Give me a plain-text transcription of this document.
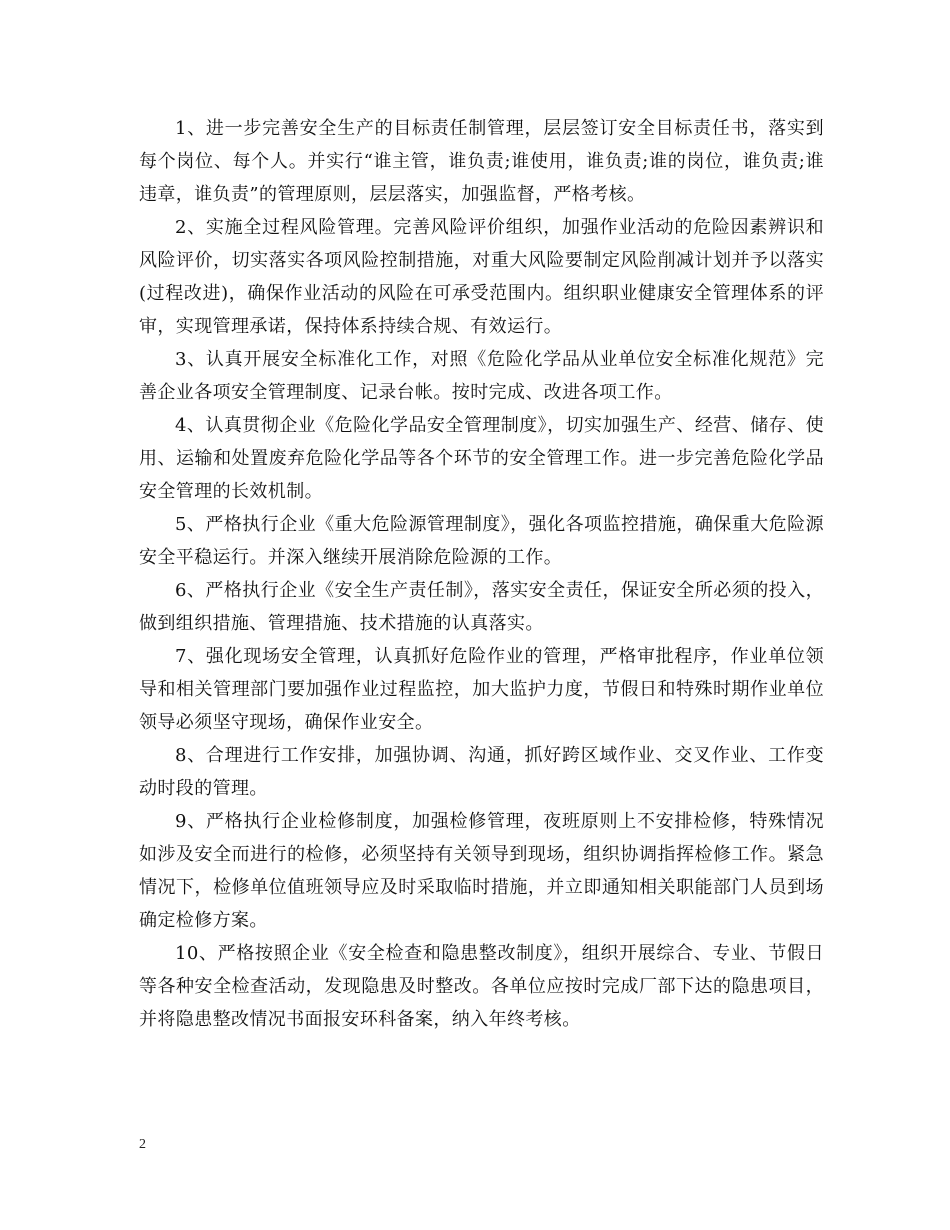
1、进一步完善安全生产的目标责任制管理，层层签订安全目标责任书，落实到每个岗位、每个人。并实行“谁主管，谁负责;谁使用，谁负责;谁的岗位，谁负责;谁违章，谁负责”的管理原则，层层落实，加强监督，严格考核。

2、实施全过程风险管理。完善风险评价组织，加强作业活动的危险因素辨识和风险评价，切实落实各项风险控制措施，对重大风险要制定风险削减计划并予以落实(过程改进)，确保作业活动的风险在可承受范围内。组织职业健康安全管理体系的评审，实现管理承诺，保持体系持续合规、有效运行。

3、认真开展安全标准化工作，对照《危险化学品从业单位安全标准化规范》完善企业各项安全管理制度、记录台帐。按时完成、改进各项工作。

4、认真贯彻企业《危险化学品安全管理制度》，切实加强生产、经营、储存、使用、运输和处置废弃危险化学品等各个环节的安全管理工作。进一步完善危险化学品安全管理的长效机制。

5、严格执行企业《重大危险源管理制度》，强化各项监控措施，确保重大危险源安全平稳运行。并深入继续开展消除危险源的工作。

6、严格执行企业《安全生产责任制》，落实安全责任，保证安全所必须的投入，做到组织措施、管理措施、技术措施的认真落实。

7、强化现场安全管理，认真抓好危险作业的管理，严格审批程序，作业单位领导和相关管理部门要加强作业过程监控，加大监护力度，节假日和特殊时期作业单位领导必须坚守现场，确保作业安全。

8、合理进行工作安排，加强协调、沟通，抓好跨区域作业、交叉作业、工作变动时段的管理。

9、严格执行企业检修制度，加强检修管理，夜班原则上不安排检修，特殊情况如涉及安全而进行的检修，必须坚持有关领导到现场，组织协调指挥检修工作。紧急情况下，检修单位值班领导应及时采取临时措施，并立即通知相关职能部门人员到场确定检修方案。

10、严格按照企业《安全检查和隐患整改制度》，组织开展综合、专业、节假日等各种安全检查活动，发现隐患及时整改。各单位应按时完成厂部下达的隐患项目，并将隐患整改情况书面报安环科备案，纳入年终考核。

2
